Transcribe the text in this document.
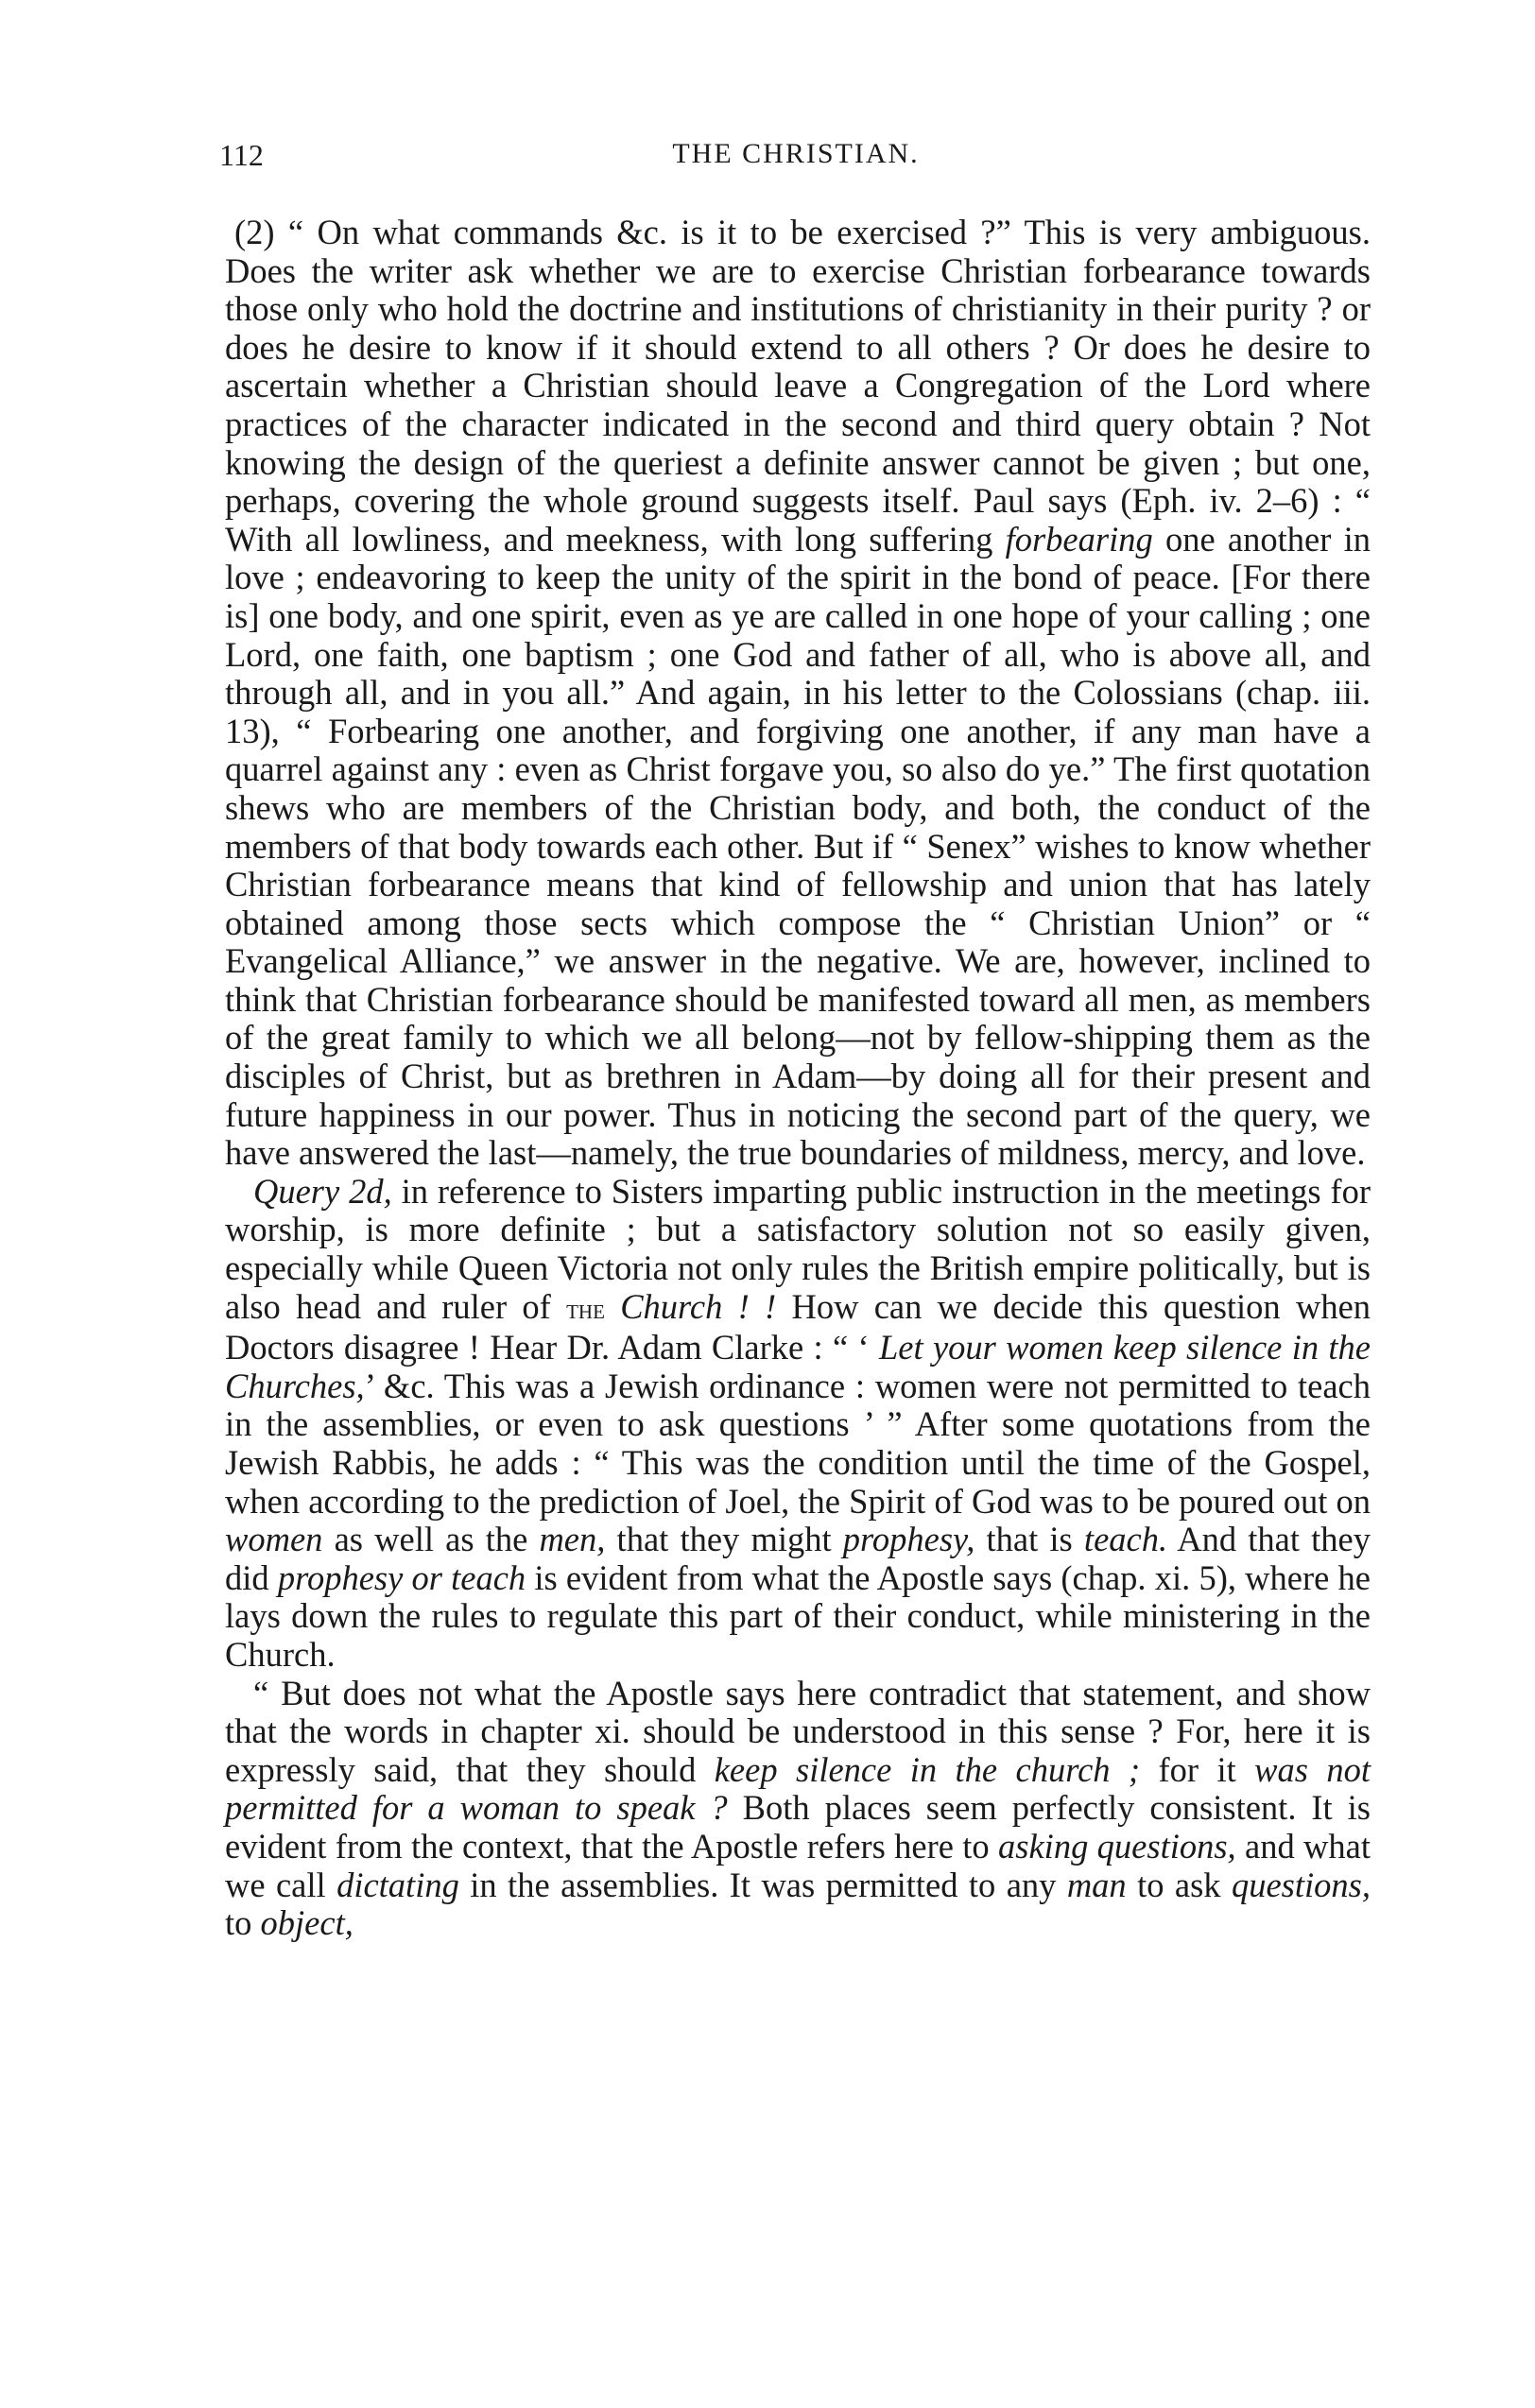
112	THE CHRISTIAN.

(2) “ On what commands &c. is it to be exercised ?” This is very ambiguous. Does the writer ask whether we are to exercise Christian forbearance towards those only who hold the doctrine and institutions of christianity in their purity ? or does he desire to know if it should extend to all others ? Or does he desire to ascertain whether a Christian should leave a Congregation of the Lord where practices of the character indicated in the second and third query obtain ? Not knowing the design of the queriest a definite answer cannot be given ; but one, perhaps, covering the whole ground suggests itself. Paul says (Eph. iv. 2–6) : “ With all lowliness, and meekness, with long suffering forbearing one another in love ; endeavoring to keep the unity of the spirit in the bond of peace. [For there is] one body, and one spirit, even as ye are called in one hope of your calling ; one Lord, one faith, one baptism ; one God and father of all, who is above all, and through all, and in you all.” And again, in his letter to the Colossians (chap. iii. 13), “ Forbearing one another, and forgiving one another, if any man have a quarrel against any : even as Christ forgave you, so also do ye.” The first quotation shews who are members of the Christian body, and both, the conduct of the members of that body towards each other. But if “ Senex” wishes to know whether Christian forbearance means that kind of fellowship and union that has lately obtained among those sects which compose the “ Christian Union” or “ Evangelical Alliance,” we answer in the negative. We are, however, inclined to think that Christian forbearance should be manifested toward all men, as members of the great family to which we all belong—not by fellow-shipping them as the disciples of Christ, but as brethren in Adam—by doing all for their present and future happiness in our power. Thus in noticing the second part of the query, we have answered the last—namely, the true boundaries of mildness, mercy, and love.

Query 2d, in reference to Sisters imparting public instruction in the meetings for worship, is more definite ; but a satisfactory solution not so easily given, especially while Queen Victoria not only rules the British empire politically, but is also head and ruler of the Church ! ! How can we decide this question when Doctors disagree ! Hear Dr. Adam Clarke : “ ‘ Let your women keep silence in the Churches,’ &c. This was a Jewish ordinance : women were not permitted to teach in the assemblies, or even to ask questions ’ ” After some quotations from the Jewish Rabbis, he adds : “ This was the condition until the time of the Gospel, when according to the prediction of Joel, the Spirit of God was to be poured out on women as well as the men, that they might prophesy, that is teach. And that they did prophesy or teach is evident from what the Apostle says (chap. xi. 5), where he lays down the rules to regulate this part of their conduct, while ministering in the Church.

“ But does not what the Apostle says here contradict that statement, and show that the words in chapter xi. should be understood in this sense ? For, here it is expressly said, that they should keep silence in the church ; for it was not permitted for a woman to speak ? Both places seem perfectly consistent. It is evident from the context, that the Apostle refers here to asking questions, and what we call dictating in the assemblies. It was permitted to any man to ask questions, to object,
